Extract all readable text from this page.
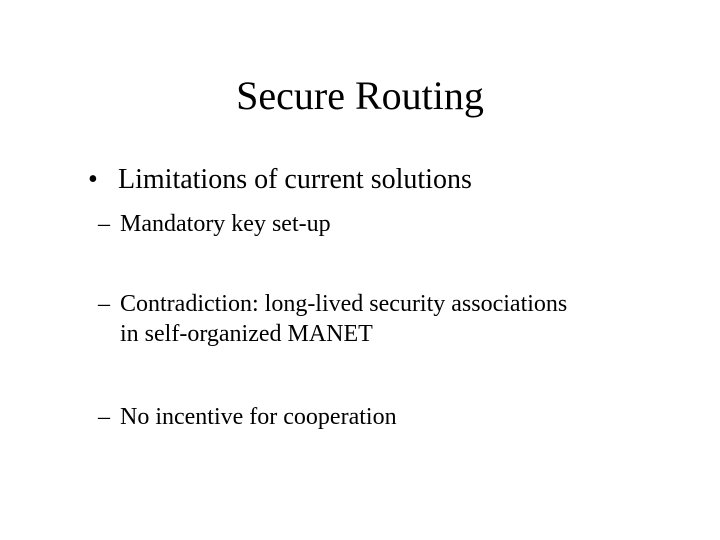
Secure Routing
• Limitations of current solutions
– Mandatory key set-up
– Contradiction: long-lived security associations
in self-organized MANET
– No incentive for cooperation
